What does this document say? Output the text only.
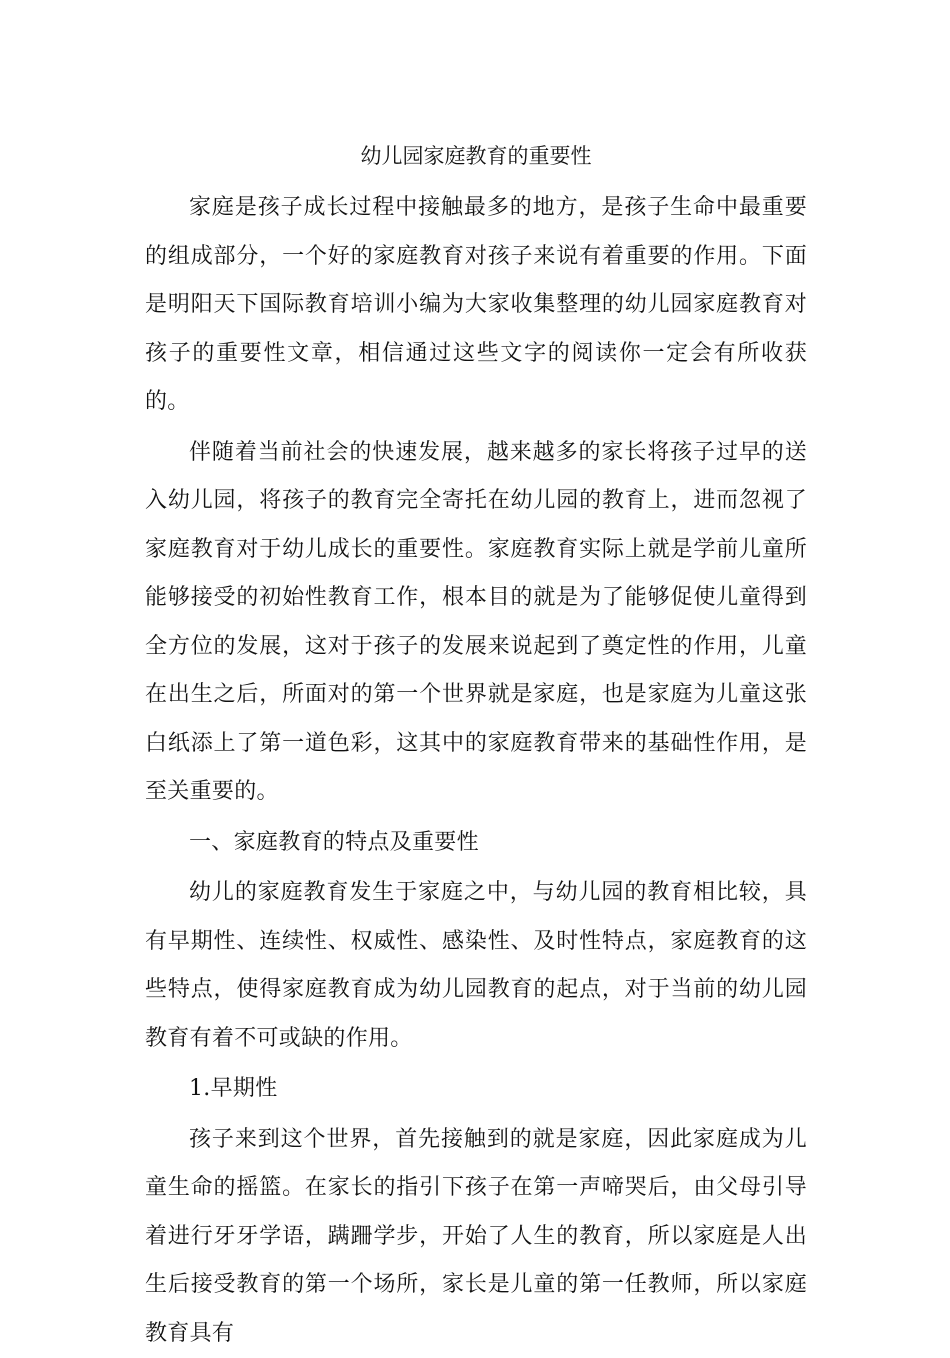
幼儿园家庭教育的重要性

家庭是孩子成长过程中接触最多的地方，是孩子生命中最重要的组成部分，一个好的家庭教育对孩子来说有着重要的作用。下面是明阳天下国际教育培训小编为大家收集整理的幼儿园家庭教育对孩子的重要性文章，相信通过这些文字的阅读你一定会有所收获的。

伴随着当前社会的快速发展，越来越多的家长将孩子过早的送入幼儿园，将孩子的教育完全寄托在幼儿园的教育上，进而忽视了家庭教育对于幼儿成长的重要性。家庭教育实际上就是学前儿童所能够接受的初始性教育工作，根本目的就是为了能够促使儿童得到全方位的发展，这对于孩子的发展来说起到了奠定性的作用，儿童在出生之后，所面对的第一个世界就是家庭，也是家庭为儿童这张白纸添上了第一道色彩，这其中的家庭教育带来的基础性作用，是至关重要的。

一、家庭教育的特点及重要性

幼儿的家庭教育发生于家庭之中，与幼儿园的教育相比较，具有早期性、连续性、权威性、感染性、及时性特点，家庭教育的这些特点，使得家庭教育成为幼儿园教育的起点，对于当前的幼儿园教育有着不可或缺的作用。

1.早期性

孩子来到这个世界，首先接触到的就是家庭，因此家庭成为儿童生命的摇篮。在家长的指引下孩子在第一声啼哭后，由父母引导着进行牙牙学语，蹒跚学步，开始了人生的教育，所以家庭是人出生后接受教育的第一个场所，家长是儿童的第一任教师，所以家庭教育具有
